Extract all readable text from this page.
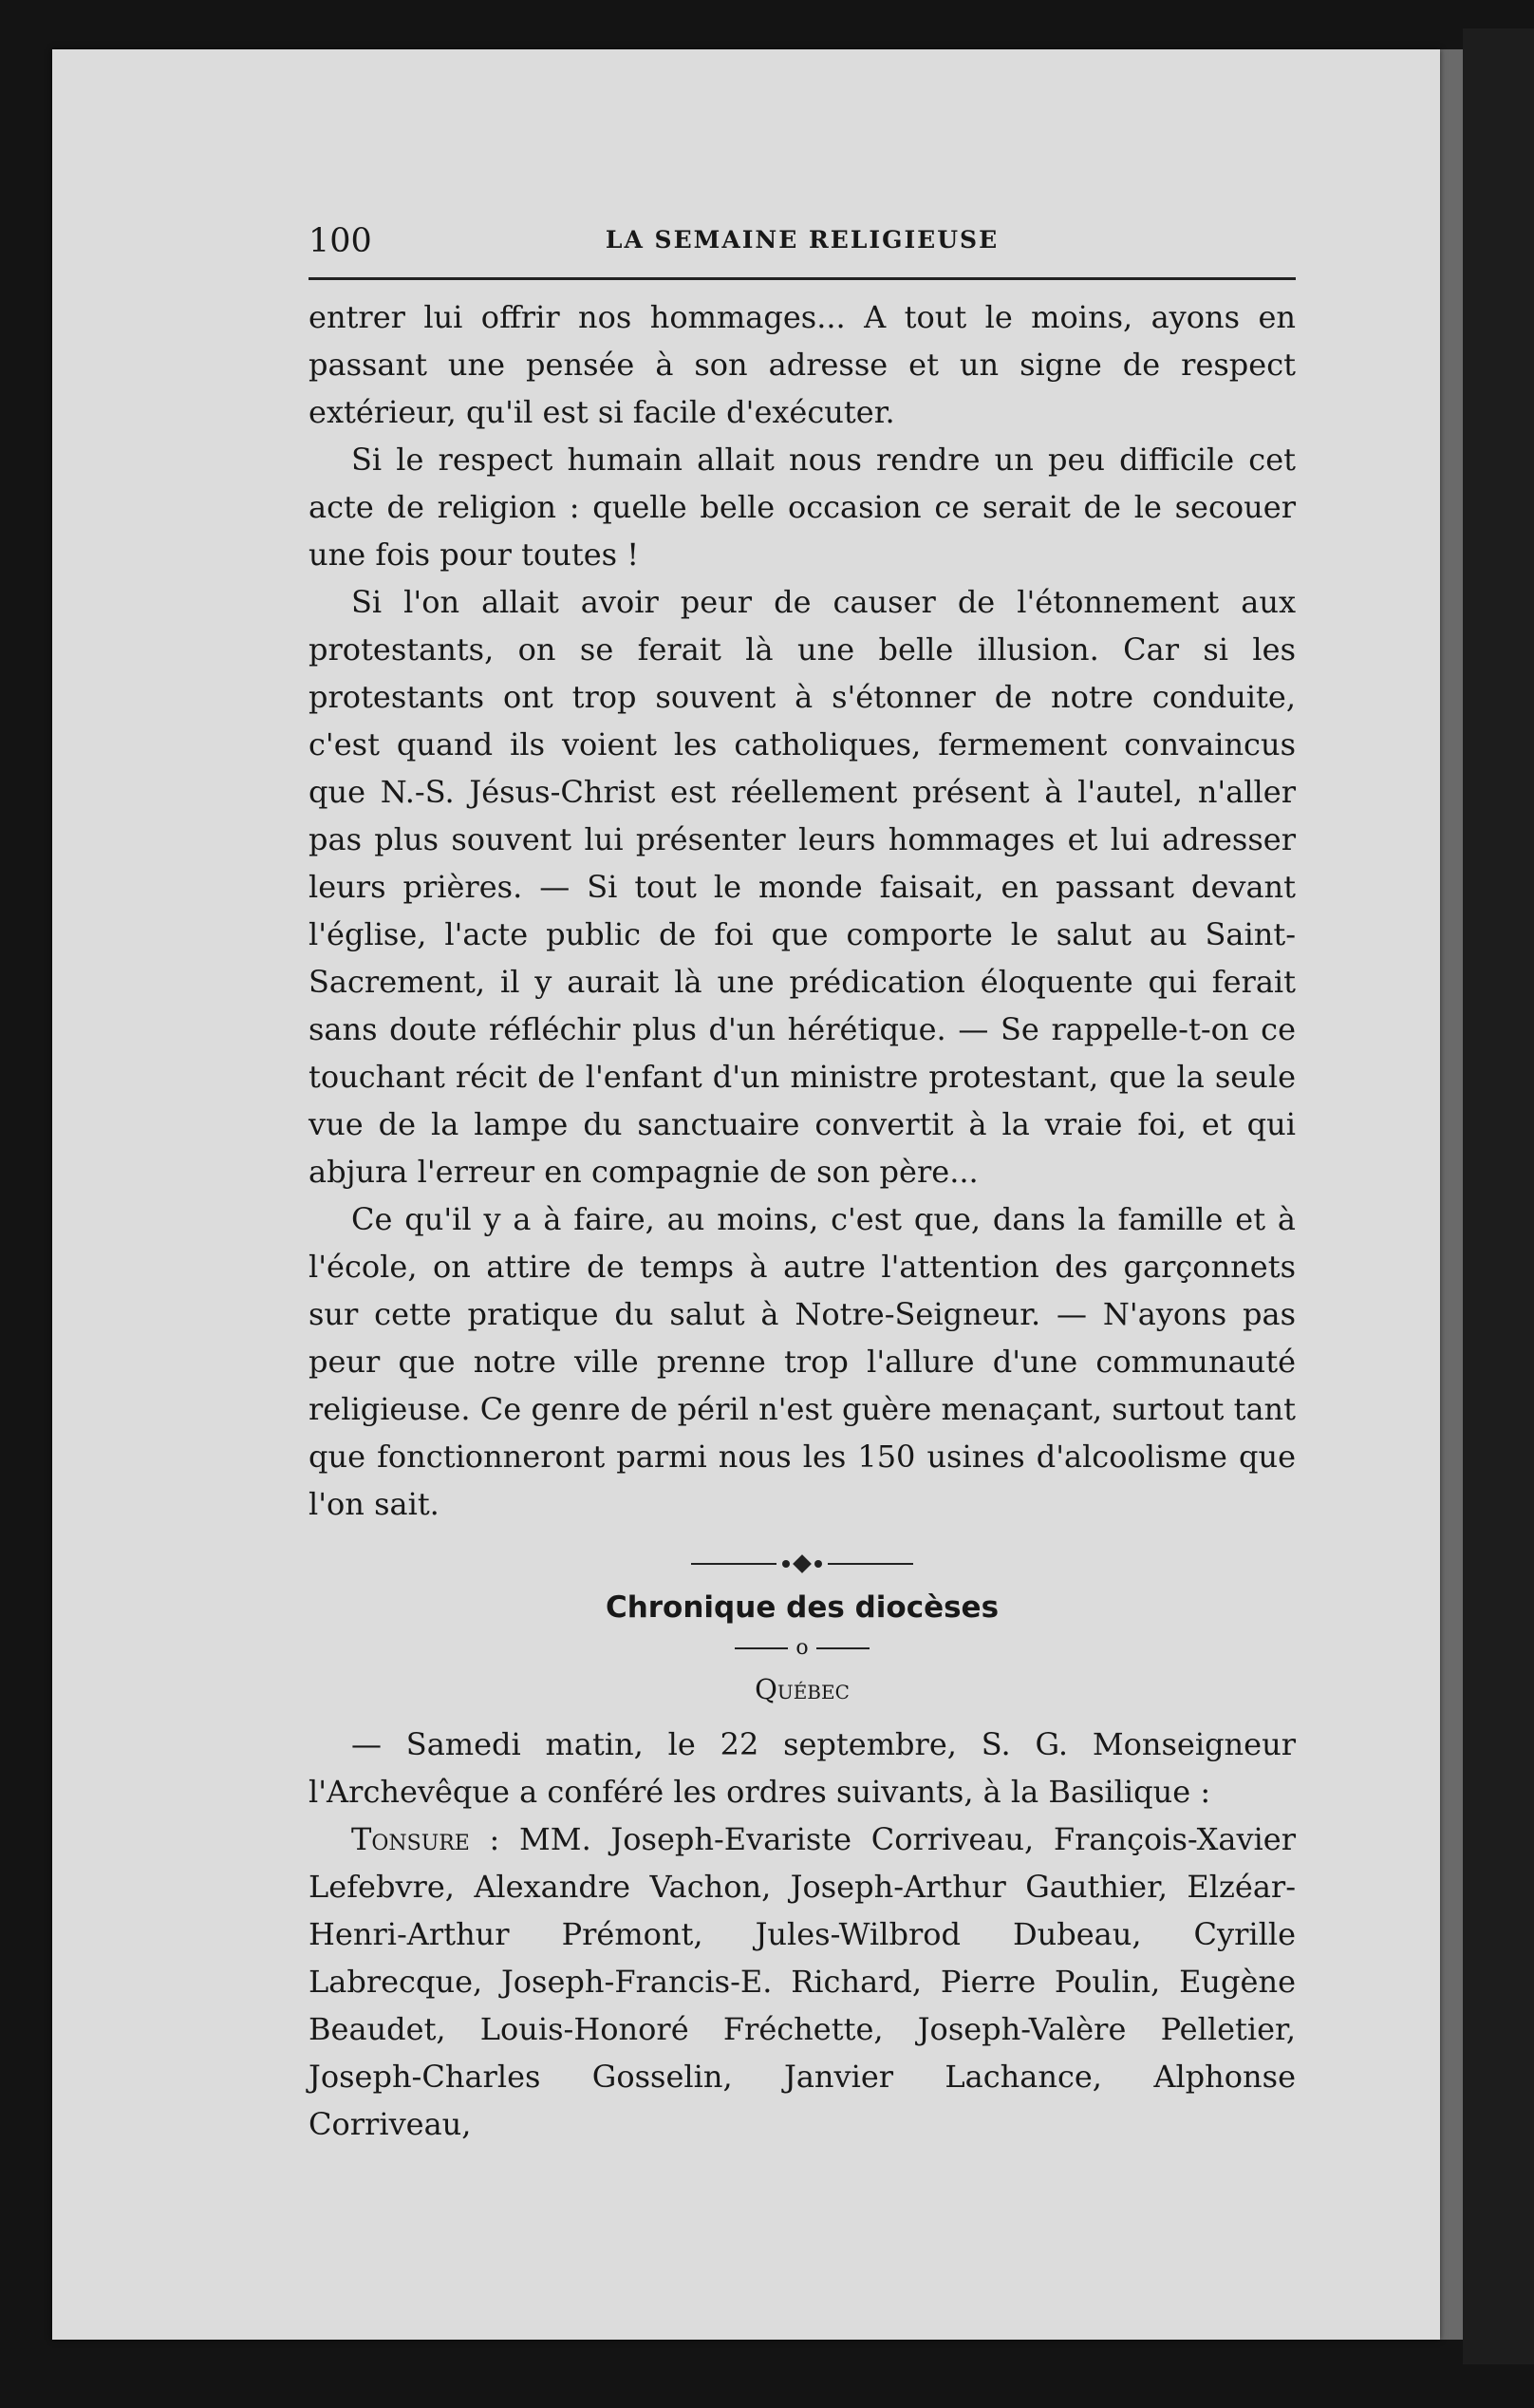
100	LA SEMAINE RELIGIEUSE

entrer lui offrir nos hommages... A tout le moins, ayons en passant une pensée à son adresse et un signe de respect extérieur, qu'il est si facile d'exécuter.

Si le respect humain allait nous rendre un peu difficile cet acte de religion : quelle belle occasion ce serait de le secouer une fois pour toutes !

Si l'on allait avoir peur de causer de l'étonnement aux protestants, on se ferait là une belle illusion. Car si les protestants ont trop souvent à s'étonner de notre conduite, c'est quand ils voient les catholiques, fermement convaincus que N.-S. Jésus-Christ est réellement présent à l'autel, n'aller pas plus souvent lui présenter leurs hommages et lui adresser leurs prières. — Si tout le monde faisait, en passant devant l'église, l'acte public de foi que comporte le salut au Saint-Sacrement, il y aurait là une prédication éloquente qui ferait sans doute réfléchir plus d'un hérétique. — Se rappelle-t-on ce touchant récit de l'enfant d'un ministre protestant, que la seule vue de la lampe du sanctuaire convertit à la vraie foi, et qui abjura l'erreur en compagnie de son père...

Ce qu'il y a à faire, au moins, c'est que, dans la famille et à l'école, on attire de temps à autre l'attention des garçonnets sur cette pratique du salut à Notre-Seigneur. — N'ayons pas peur que notre ville prenne trop l'allure d'une communauté religieuse. Ce genre de péril n'est guère menaçant, surtout tant que fonctionneront parmi nous les 150 usines d'alcoolisme que l'on sait.

Chronique des diocèses
o
Québec

— Samedi matin, le 22 septembre, S. G. Monseigneur l'Archevêque a conféré les ordres suivants, à la Basilique :

Tonsure : MM. Joseph-Evariste Corriveau, François-Xavier Lefebvre, Alexandre Vachon, Joseph-Arthur Gauthier, Elzéar-Henri-Arthur Prémont, Jules-Wilbrod Dubeau, Cyrille Labrecque, Joseph-Francis-E. Richard, Pierre Poulin, Eugène Beaudet, Louis-Honoré Fréchette, Joseph-Valère Pelletier, Joseph-Charles Gosselin, Janvier Lachance, Alphonse Corriveau,
